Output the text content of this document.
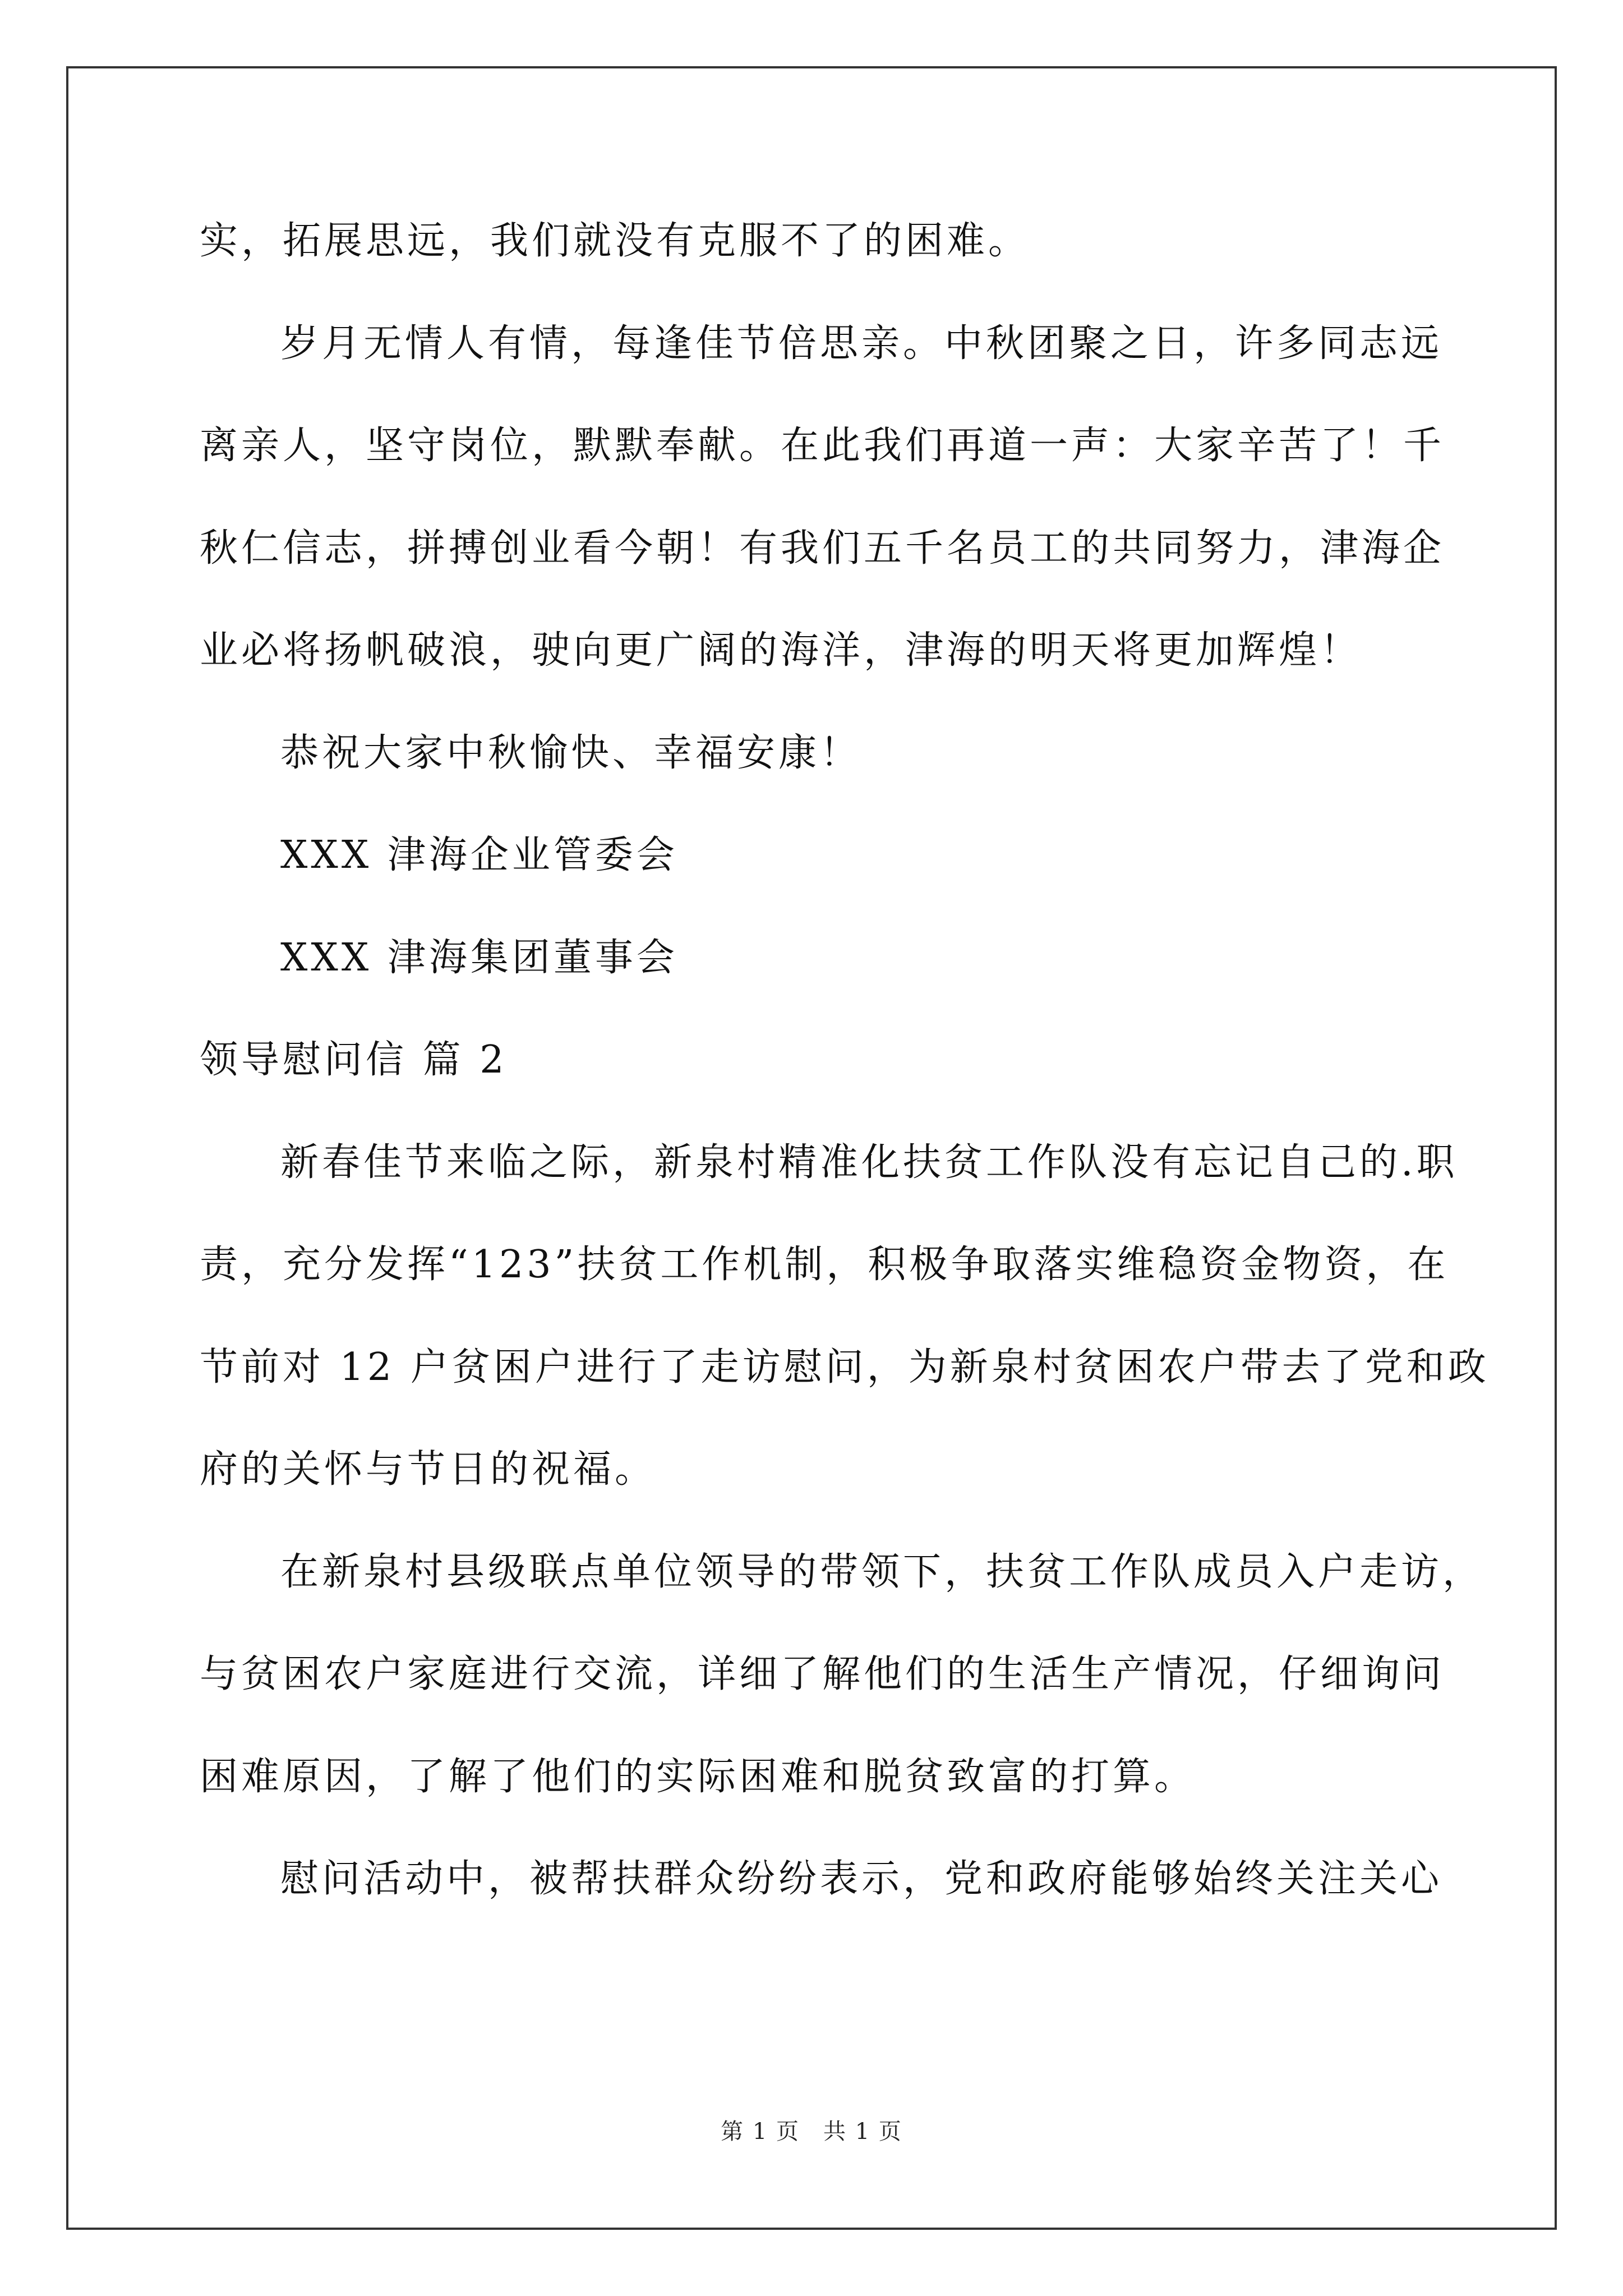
实，拓展思远，我们就没有克服不了的困难。
岁月无情人有情，每逢佳节倍思亲。中秋团聚之日，许多同志远
离亲人，坚守岗位，默默奉献。在此我们再道一声：大家辛苦了！千
秋仁信志，拼搏创业看今朝！有我们五千名员工的共同努力，津海企
业必将扬帆破浪，驶向更广阔的海洋，津海的明天将更加辉煌！
恭祝大家中秋愉快、幸福安康！
XXX 津海企业管委会
XXX 津海集团董事会
领导慰问信 篇 2
新春佳节来临之际，新泉村精准化扶贫工作队没有忘记自己的.职
责，充分发挥“123”扶贫工作机制，积极争取落实维稳资金物资，在
节前对 12 户贫困户进行了走访慰问，为新泉村贫困农户带去了党和政
府的关怀与节日的祝福。
在新泉村县级联点单位领导的带领下，扶贫工作队成员入户走访，
与贫困农户家庭进行交流，详细了解他们的生活生产情况，仔细询问
困难原因，了解了他们的实际困难和脱贫致富的打算。
慰问活动中，被帮扶群众纷纷表示，党和政府能够始终关注关心
第 1 页　共 1 页
